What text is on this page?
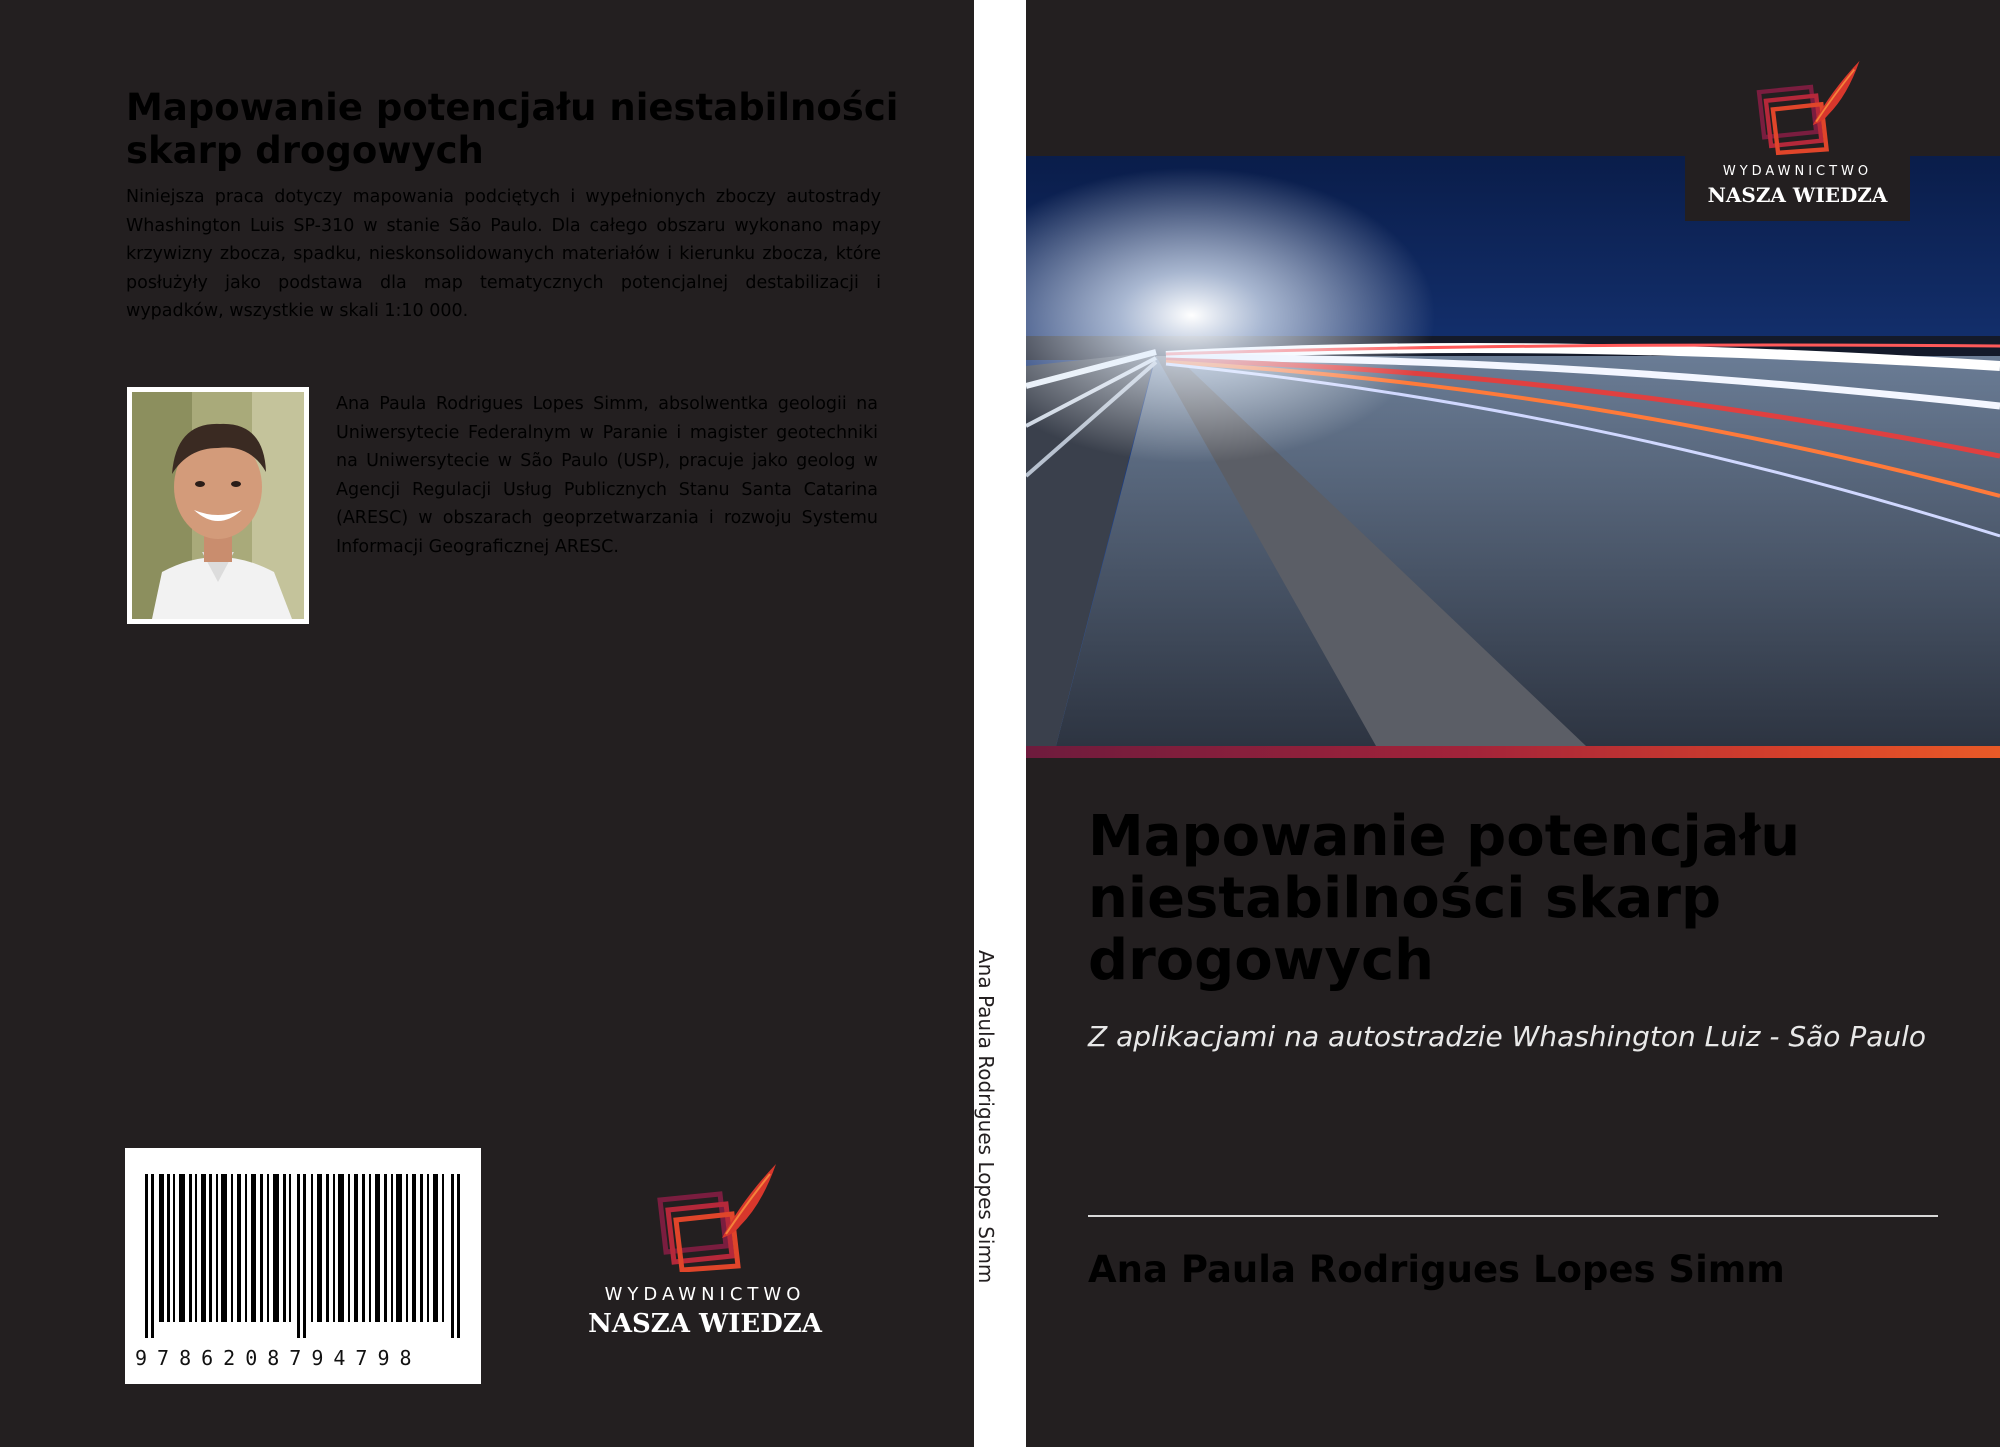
Mapowanie potencjału niestabilności skarp drogowych
Niniejsza praca dotyczy mapowania podciętych i wypełnionych zboczy autostrady Whashington Luis SP-310 w stanie São Paulo. Dla całego obszaru wykonano mapy krzywizny zbocza, spadku, nieskonsolidowanych materiałów i kierunku zbocza, które posłużyły jako podstawa dla map tematycznych potencjalnej destabilizacji i wypadków, wszystkie w skali 1:10 000.
Ana Paula Rodrigues Lopes Simm, absolwentka geologii na Uniwersytecie Federalnym w Paranie i magister geotechniki na Uniwersytecie w São Paulo (USP), pracuje jako geolog w Agencji Regulacji Usług Publicznych Stanu Santa Catarina (ARESC) w obszarach geoprzetwarzania i rozwoju Systemu Informacji Geograficznej ARESC.
9786208794798
WYDAWNICTWO
NASZA WIEDZA
Ana Paula Rodrigues Lopes Simm
WYDAWNICTWO
NASZA WIEDZA
Mapowanie potencjału niestabilności skarp drogowych
Z aplikacjami na autostradzie Whashington Luiz - São Paulo
Ana Paula Rodrigues Lopes Simm
